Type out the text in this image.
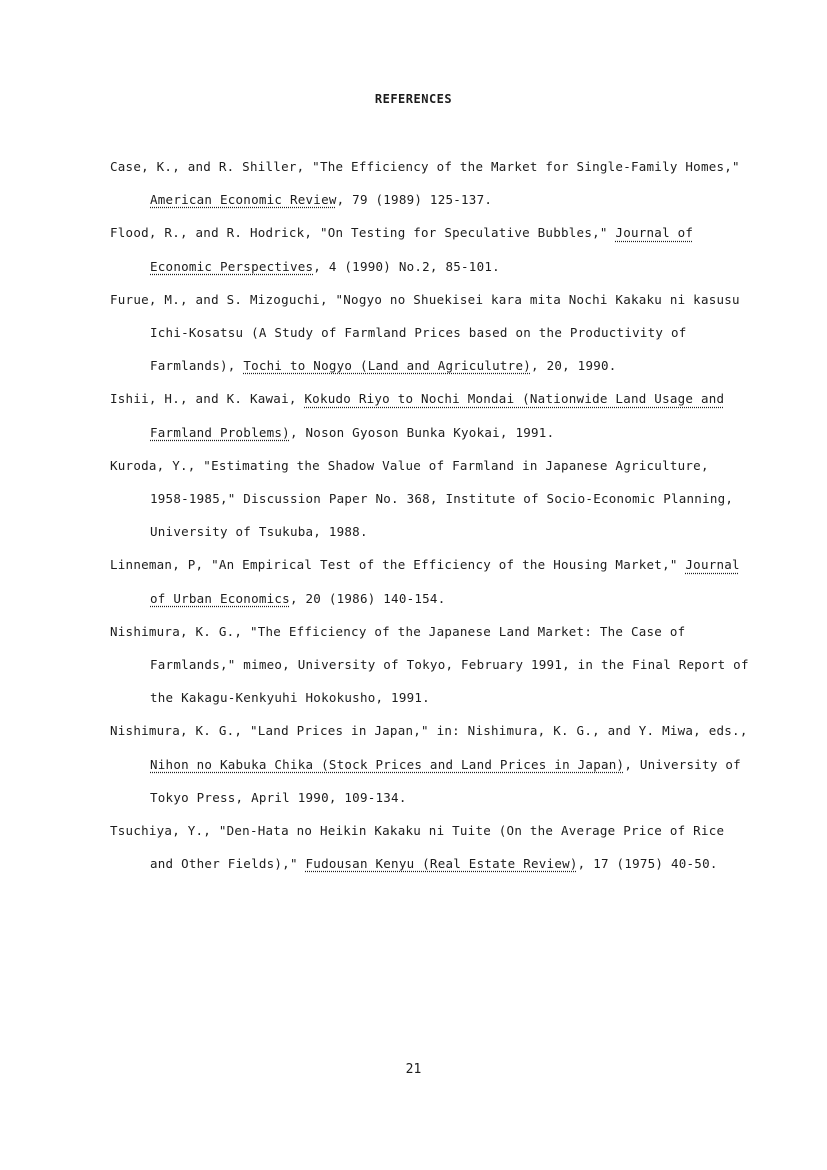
REFERENCES
Case, K., and R. Shiller, "The Efficiency of the Market for Single-Family Homes," American Economic Review, 79 (1989) 125-137.
Flood, R., and R. Hodrick, "On Testing for Speculative Bubbles," Journal of Economic Perspectives, 4 (1990) No.2, 85-101.
Furue, M., and S. Mizoguchi, "Nogyo no Shuekisei kara mita Nochi Kakaku ni kasusu Ichi-Kosatsu (A Study of Farmland Prices based on the Productivity of Farmlands), Tochi to Nogyo (Land and Agriculutre), 20, 1990.
Ishii, H., and K. Kawai, Kokudo Riyo to Nochi Mondai (Nationwide Land Usage and Farmland Problems), Noson Gyoson Bunka Kyokai, 1991.
Kuroda, Y., "Estimating the Shadow Value of Farmland in Japanese Agriculture, 1958-1985," Discussion Paper No. 368, Institute of Socio-Economic Planning, University of Tsukuba, 1988.
Linneman, P, "An Empirical Test of the Efficiency of the Housing Market," Journal of Urban Economics, 20 (1986) 140-154.
Nishimura, K. G., "The Efficiency of the Japanese Land Market: The Case of Farmlands," mimeo, University of Tokyo, February 1991, in the Final Report of the Kakagu-Kenkyuhi Hokokusho, 1991.
Nishimura, K. G., "Land Prices in Japan," in: Nishimura, K. G., and Y. Miwa, eds., Nihon no Kabuka Chika (Stock Prices and Land Prices in Japan), University of Tokyo Press, April 1990, 109-134.
Tsuchiya, Y., "Den-Hata no Heikin Kakaku ni Tuite (On the Average Price of Rice and Other Fields)," Fudousan Kenyu (Real Estate Review), 17 (1975) 40-50.
21
